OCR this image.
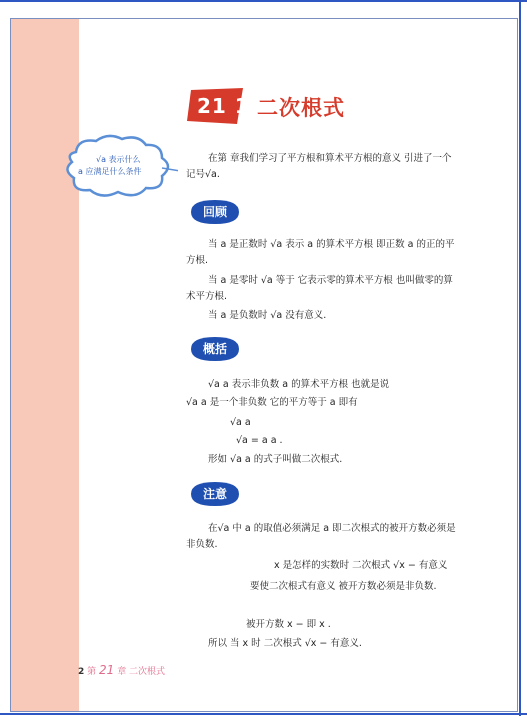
21 1 二次根式
√a 表示什么
a 应满足什么条件
在第 章我们学习了平方根和算术平方根的意义 引进了一个记号√a.
回顾
当 a 是正数时 √a 表示 a 的算术平方根 即正数 a 的正的平方根.
当 a 是零时 √a 等于 它表示零的算术平方根 也叫做零的算术平方根.
当 a 是负数时 √a 没有意义.
概括
√a a 表示非负数 a 的算术平方根 也就是说
√a a 是一个非负数 它的平方等于 a 即有
√a a
√a = a a .
形如 √a a 的式子叫做二次根式.
注意
在√a 中 a 的取值必须满足 a 即二次根式的被开方数必须是非负数.
x 是怎样的实数时 二次根式 √x − 有意义
要使二次根式有意义 被开方数必须是非负数.
被开方数 x − 即 x .
所以 当 x 时 二次根式 √x − 有意义.
2 第 21 章 二次根式
